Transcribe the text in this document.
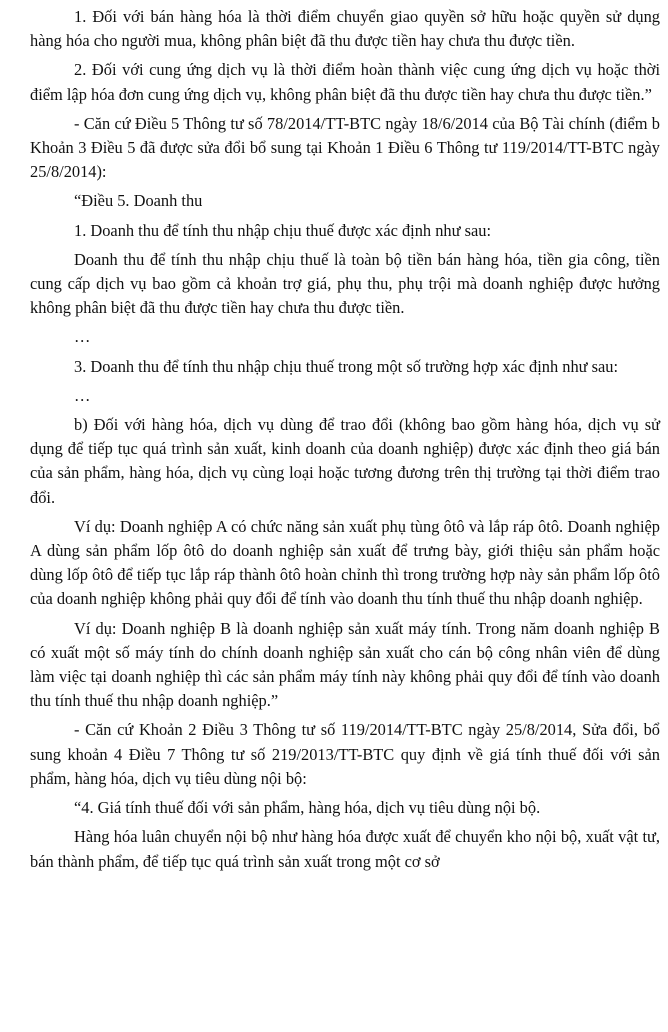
1. Đối với bán hàng hóa là thời điểm chuyển giao quyền sở hữu hoặc quyền sử dụng hàng hóa cho người mua, không phân biệt đã thu được tiền hay chưa thu được tiền.

2. Đối với cung ứng dịch vụ là thời điểm hoàn thành việc cung ứng dịch vụ hoặc thời điểm lập hóa đơn cung ứng dịch vụ, không phân biệt đã thu được tiền hay chưa thu được tiền.”

- Căn cứ Điều 5 Thông tư số 78/2014/TT-BTC ngày 18/6/2014 của Bộ Tài chính (điểm b Khoản 3 Điều 5 đã được sửa đổi bổ sung tại Khoản 1 Điều 6 Thông tư 119/2014/TT-BTC ngày 25/8/2014):

“Điều 5. Doanh thu

1. Doanh thu để tính thu nhập chịu thuế được xác định như sau:

Doanh thu để tính thu nhập chịu thuế là toàn bộ tiền bán hàng hóa, tiền gia công, tiền cung cấp dịch vụ bao gồm cả khoản trợ giá, phụ thu, phụ trội mà doanh nghiệp được hưởng không phân biệt đã thu được tiền hay chưa thu được tiền.

…

3. Doanh thu để tính thu nhập chịu thuế trong một số trường hợp xác định như sau:

…

b) Đối với hàng hóa, dịch vụ dùng để trao đổi (không bao gồm hàng hóa, dịch vụ sử dụng để tiếp tục quá trình sản xuất, kinh doanh của doanh nghiệp) được xác định theo giá bán của sản phẩm, hàng hóa, dịch vụ cùng loại hoặc tương đương trên thị trường tại thời điểm trao đổi.

Ví dụ: Doanh nghiệp A có chức năng sản xuất phụ tùng ôtô và lắp ráp ôtô. Doanh nghiệp A dùng sản phẩm lốp ôtô do doanh nghiệp sản xuất để trưng bày, giới thiệu sản phẩm hoặc dùng lốp ôtô để tiếp tục lắp ráp thành ôtô hoàn chỉnh thì trong trường hợp này sản phẩm lốp ôtô của doanh nghiệp không phải quy đổi để tính vào doanh thu tính thuế thu nhập doanh nghiệp.

Ví dụ: Doanh nghiệp B là doanh nghiệp sản xuất máy tính. Trong năm doanh nghiệp B có xuất một số máy tính do chính doanh nghiệp sản xuất cho cán bộ công nhân viên để dùng làm việc tại doanh nghiệp thì các sản phẩm máy tính này không phải quy đổi để tính vào doanh thu tính thuế thu nhập doanh nghiệp.”

- Căn cứ Khoản 2 Điều 3 Thông tư số 119/2014/TT-BTC ngày 25/8/2014, Sửa đổi, bổ sung khoản 4 Điều 7 Thông tư số 219/2013/TT-BTC quy định về giá tính thuế đối với sản phẩm, hàng hóa, dịch vụ tiêu dùng nội bộ:

“4. Giá tính thuế đối với sản phẩm, hàng hóa, dịch vụ tiêu dùng nội bộ.

Hàng hóa luân chuyển nội bộ như hàng hóa được xuất để chuyển kho nội bộ, xuất vật tư, bán thành phẩm, để tiếp tục quá trình sản xuất trong một cơ sở
